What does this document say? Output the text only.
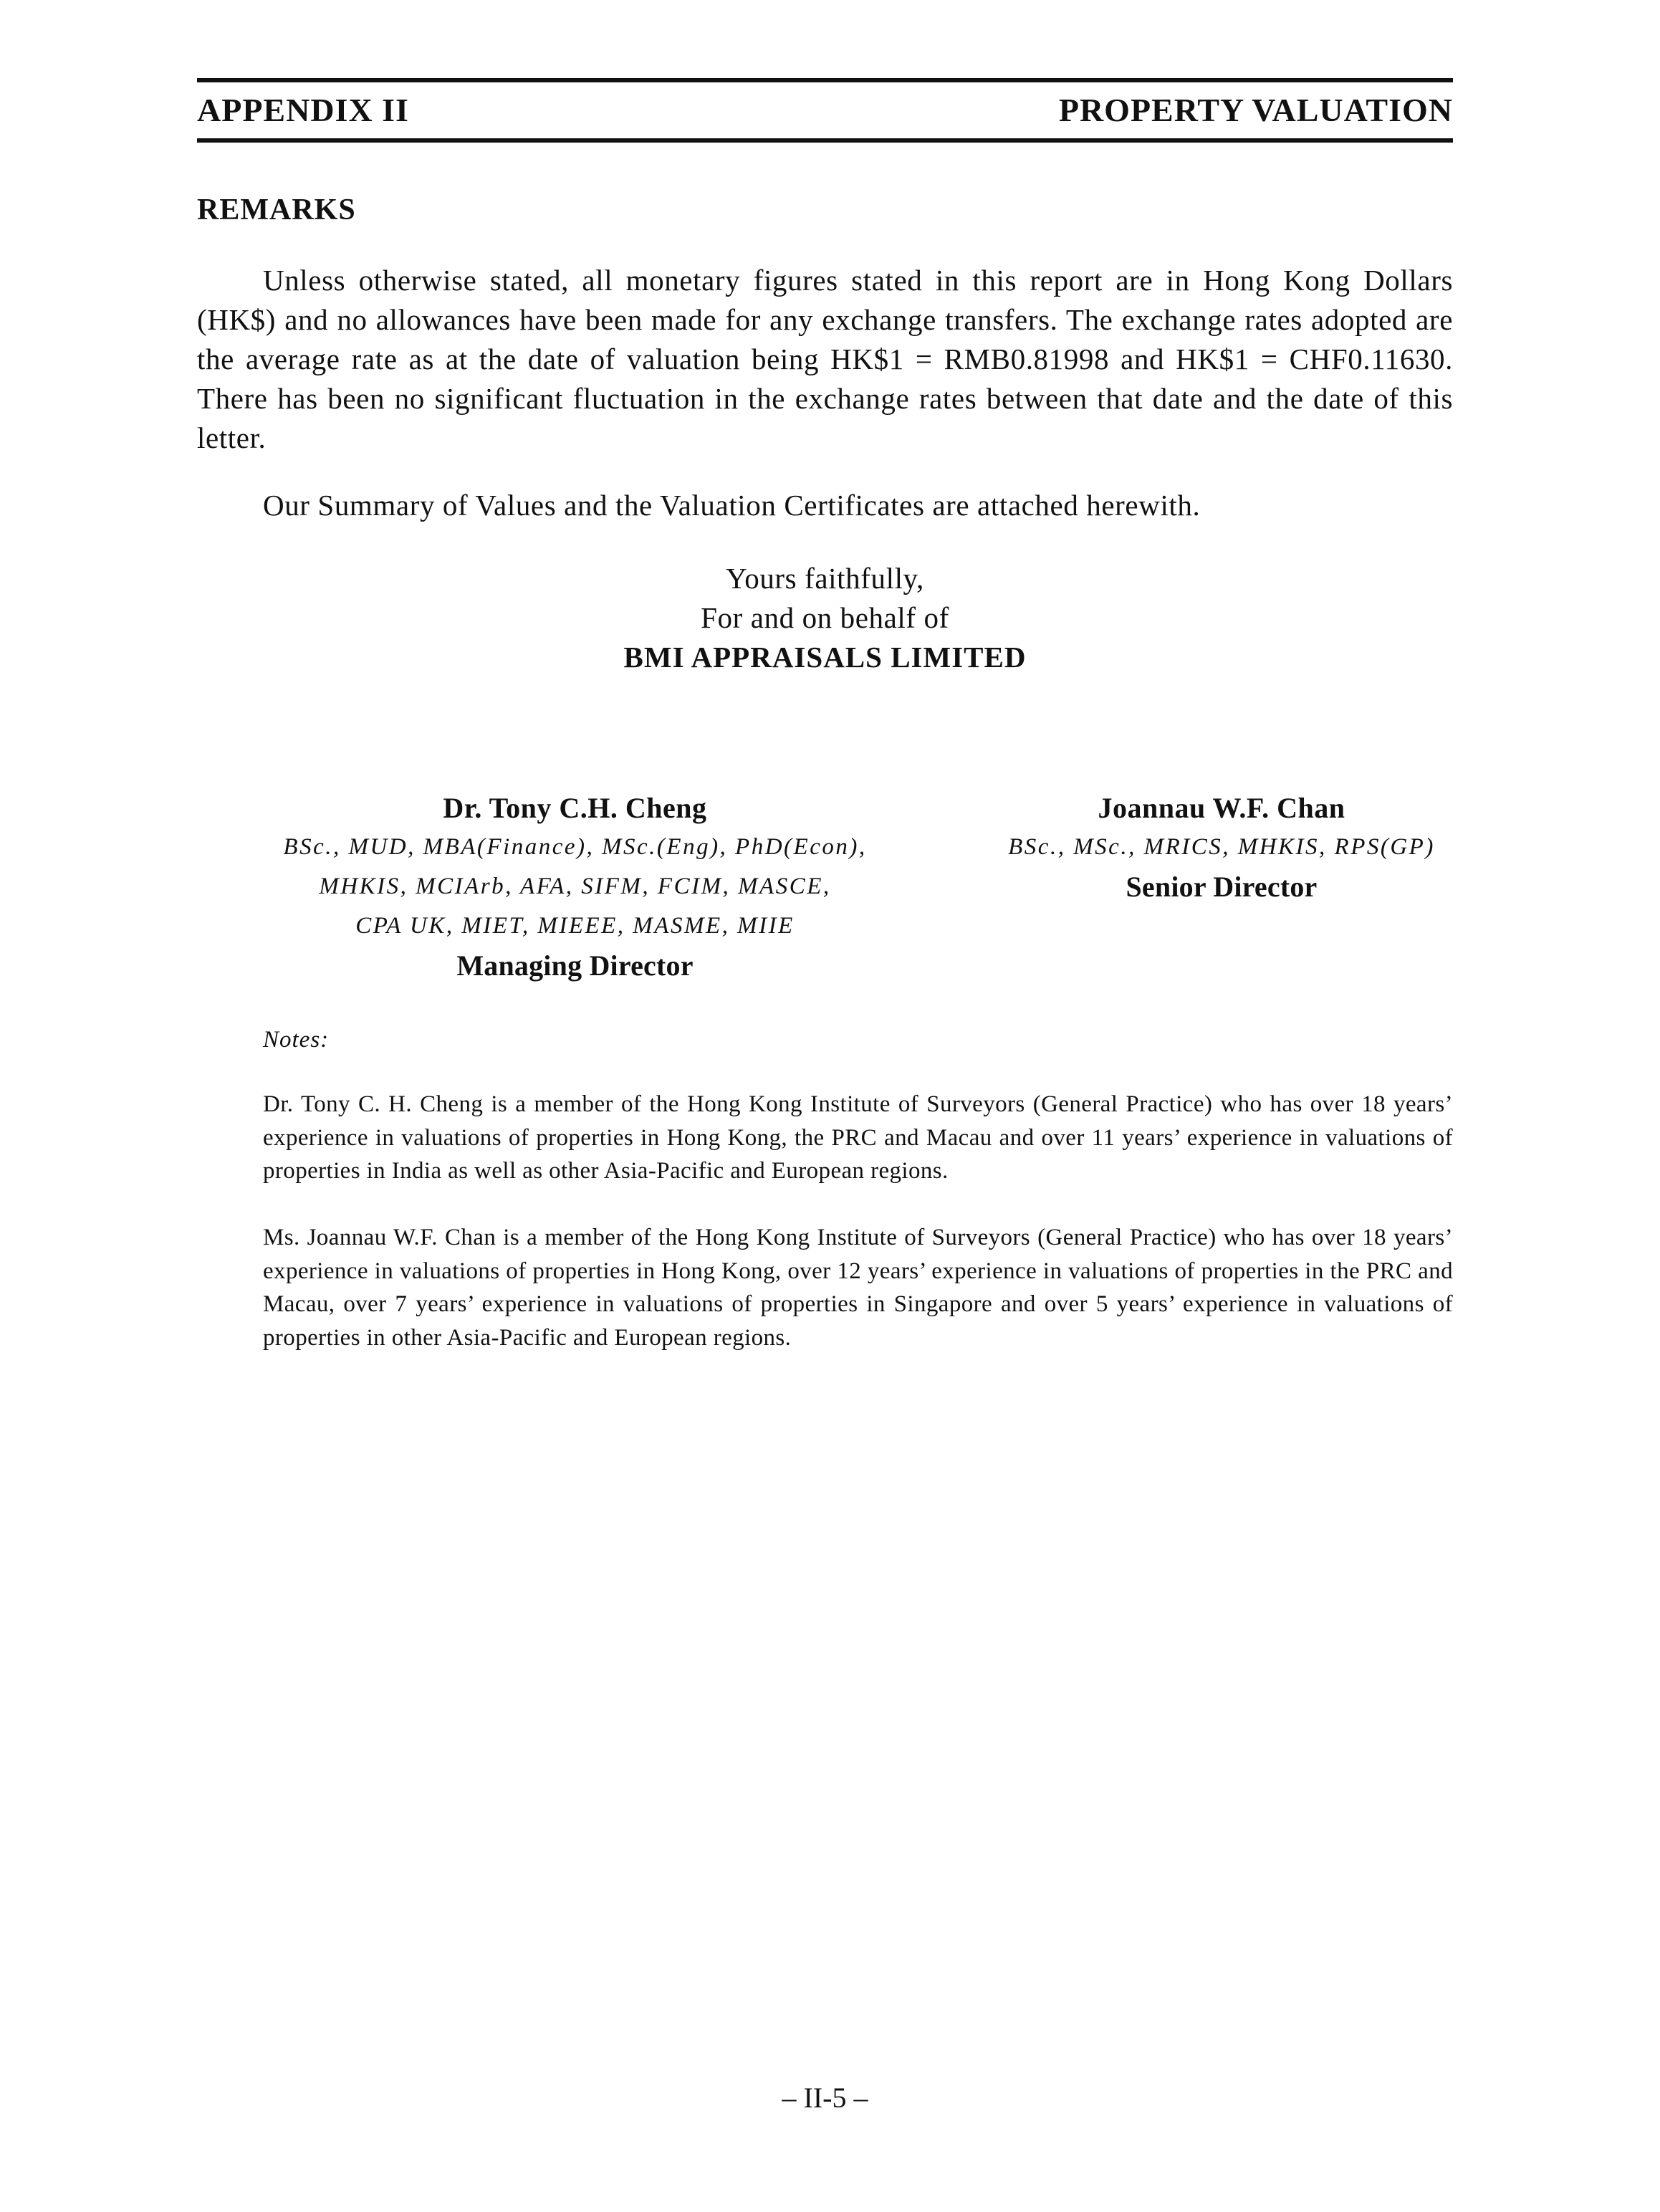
APPENDIX II	PROPERTY VALUATION
REMARKS
Unless otherwise stated, all monetary figures stated in this report are in Hong Kong Dollars (HK$) and no allowances have been made for any exchange transfers. The exchange rates adopted are the average rate as at the date of valuation being HK$1 = RMB0.81998 and HK$1 = CHF0.11630. There has been no significant fluctuation in the exchange rates between that date and the date of this letter.
Our Summary of Values and the Valuation Certificates are attached herewith.
Yours faithfully,
For and on behalf of
BMI APPRAISALS LIMITED
Dr. Tony C.H. Cheng
BSc., MUD, MBA(Finance), MSc.(Eng), PhD(Econ),
MHKIS, MCIArb, AFA, SIFM, FCIM, MASCE,
CPA UK, MIET, MIEEE, MASME, MIIE
Managing Director
Joannau W.F. Chan
BSc., MSc., MRICS, MHKIS, RPS(GP)
Senior Director
Notes:
Dr. Tony C. H. Cheng is a member of the Hong Kong Institute of Surveyors (General Practice) who has over 18 years’ experience in valuations of properties in Hong Kong, the PRC and Macau and over 11 years’ experience in valuations of properties in India as well as other Asia-Pacific and European regions.
Ms. Joannau W.F. Chan is a member of the Hong Kong Institute of Surveyors (General Practice) who has over 18 years’ experience in valuations of properties in Hong Kong, over 12 years’ experience in valuations of properties in the PRC and Macau, over 7 years’ experience in valuations of properties in Singapore and over 5 years’ experience in valuations of properties in other Asia-Pacific and European regions.
– II-5 –
